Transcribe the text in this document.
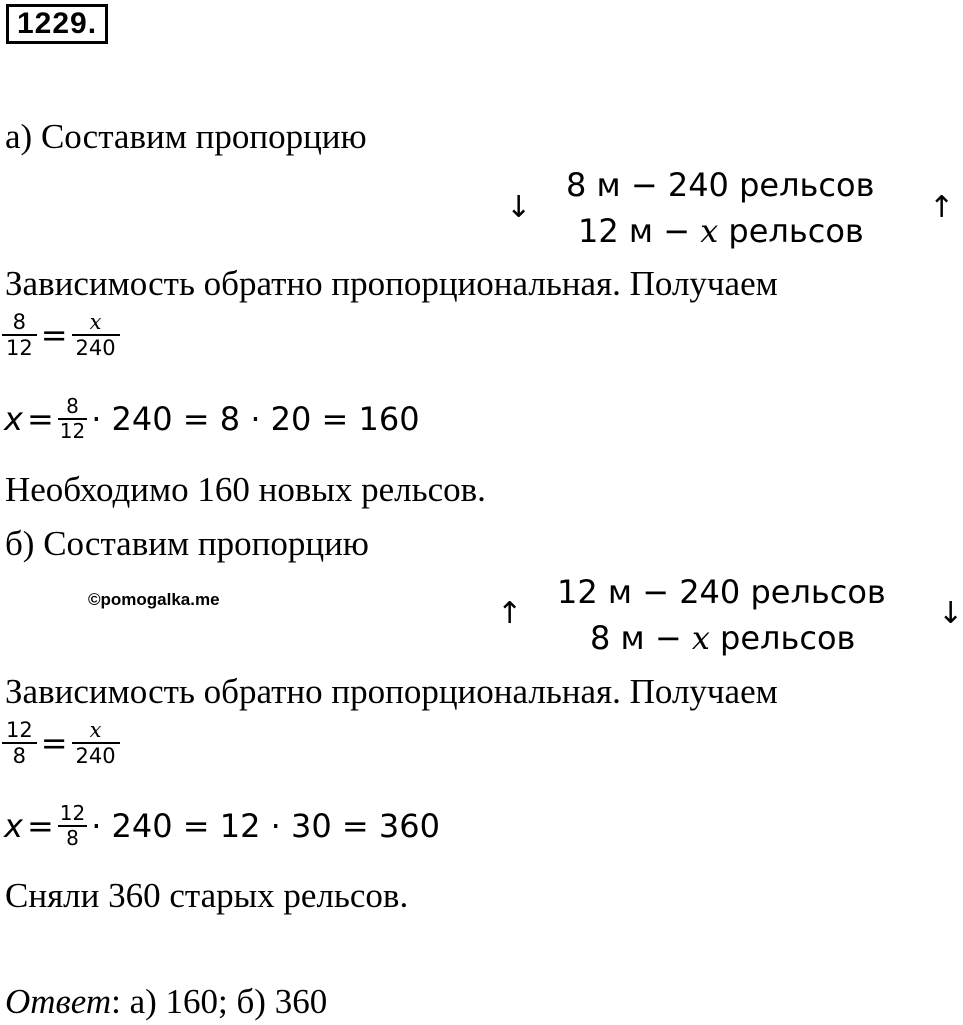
1229.
а) Составим пропорцию
↓
8 м − 240 рельсов
12 м − x рельсов
↑
Зависимость обратно пропорциональная. Получаем
$\frac{8}{12} = \frac{x}{240}$
$x = \frac{8}{12} \cdot 240 = 8 \cdot 20 = 160$
Необходимо 160 новых рельсов.
б) Составим пропорцию
©pomogalka.me	↑
12 м − 240 рельсов
8 м − x рельсов
↓
Зависимость обратно пропорциональная. Получаем
$\frac{12}{8} = \frac{x}{240}$
$x = \frac{12}{8} \cdot 240 = 12 \cdot 30 = 360$
Сняли 360 старых рельсов.
Ответ: а) 160; б) 360
